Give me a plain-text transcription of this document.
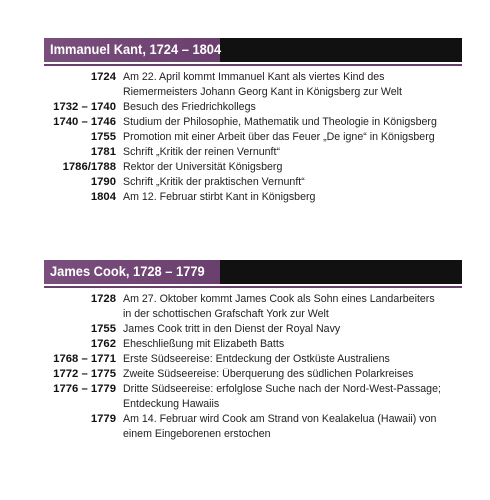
Immanuel Kant, 1724 – 1804
1724 Am 22. April kommt Immanuel Kant als viertes Kind des Riemermeisters Johann Georg Kant in Königsberg zur Welt
1732 – 1740 Besuch des Friedrichkollegs
1740 – 1746 Studium der Philosophie, Mathematik und Theologie in Königsberg
1755 Promotion mit einer Arbeit über das Feuer „De igne“ in Königsberg
1781 Schrift „Kritik der reinen Vernunft“
1786/1788 Rektor der Universität Königsberg
1790 Schrift „Kritik der praktischen Vernunft“
1804 Am 12. Februar stirbt Kant in Königsberg
James Cook, 1728 – 1779
1728 Am 27. Oktober kommt James Cook als Sohn eines Landarbeiters in der schottischen Grafschaft York zur Welt
1755 James Cook tritt in den Dienst der Royal Navy
1762 Eheschließung mit Elizabeth Batts
1768 – 1771 Erste Südseereise: Entdeckung der Ostküste Australiens
1772 – 1775 Zweite Südseereise: Überquerung des südlichen Polarkreises
1776 – 1779 Dritte Südseereise: erfolglose Suche nach der Nord-West-Passage; Entdeckung Hawaiis
1779 Am 14. Februar wird Cook am Strand von Kealakelua (Hawaii) von einem Eingeborenen erstochen
